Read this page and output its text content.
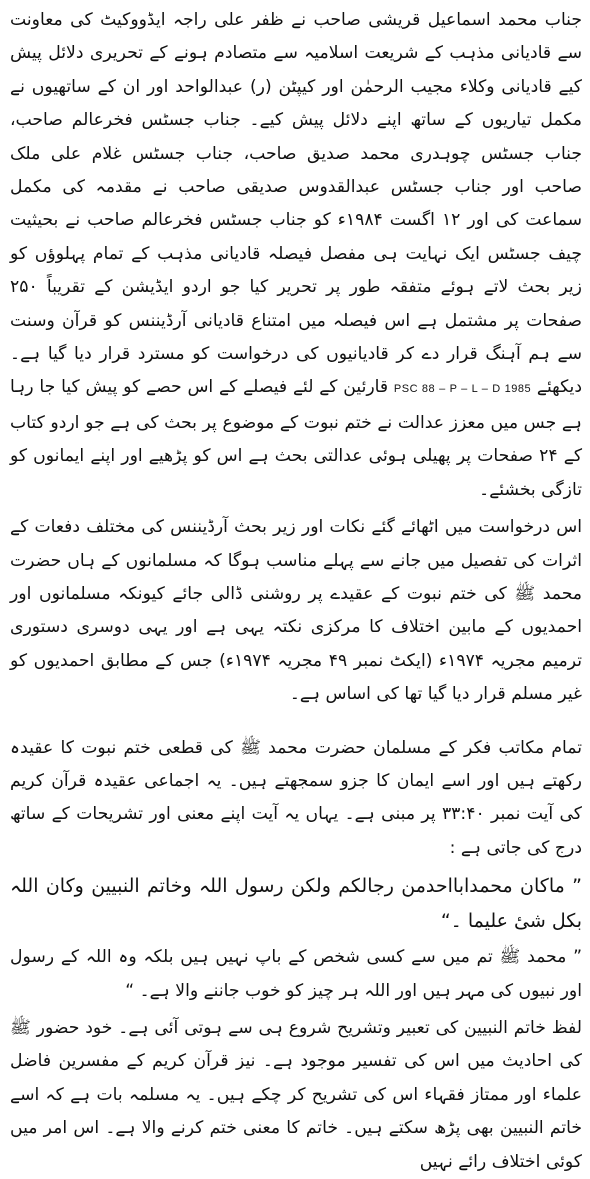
جناب محمد اسماعیل قریشی صاحب نے ظفر علی راجہ ایڈووکیٹ کی معاونت سے قادیانی مذہب کے شریعت اسلامیہ سے متصادم ہونے کے تحریری دلائل پیش کیے قادیانی وکلاء مجیب الرحمٰن اور کیپٹن (ر) عبدالواحد اور ان کے ساتھیوں نے مکمل تیاریوں کے ساتھ اپنے دلائل پیش کیے۔ جناب جسٹس فخرعالم صاحب، جناب جسٹس چوہدری محمد صدیق صاحب، جناب جسٹس غلام علی ملک صاحب اور جناب جسٹس عبدالقدوس صدیقی صاحب نے مقدمہ کی مکمل سماعت کی اور ۱۲ اگست ۱۹۸۴ء کو جناب جسٹس فخرعالم صاحب نے بحیثیت چیف جسٹس ایک نہایت ہی مفصل فیصلہ قادیانی مذہب کے تمام پہلوؤں کو زیر بحث لاتے ہوئے متفقہ طور پر تحریر کیا جو اردو ایڈیشن کے تقریباً ۲۵۰ صفحات پر مشتمل ہے اس فیصلہ میں امتناع قادیانی آرڈیننس کو قرآن وسنت سے ہم آہنگ قرار دے کر قادیانیوں کی درخواست کو مسترد قرار دیا گیا ہے۔ دیکھئے PSC 88 – P – L – D 1985 قارئین کے لئے فیصلے کے اس حصے کو پیش کیا جا رہا ہے جس میں معزز عدالت نے ختم نبوت کے موضوع پر بحث کی ہے جو اردو کتاب کے ۲۴ صفحات پر پھیلی ہوئی عدالتی بحث ہے اس کو پڑھیے اور اپنے ایمانوں کو تازگی بخشئے۔

اس درخواست میں اٹھائے گئے نکات اور زیر بحث آرڈیننس کی مختلف دفعات کے اثرات کی تفصیل میں جانے سے پہلے مناسب ہوگا کہ مسلمانوں کے ہاں حضرت محمد ﷺ کی ختم نبوت کے عقیدے پر روشنی ڈالی جائے کیونکہ مسلمانوں اور احمدیوں کے مابین اختلاف کا مرکزی نکتہ یہی ہے اور یہی دوسری دستوری ترمیم مجریہ ۱۹۷۴ء (ایکٹ نمبر ۴۹ مجریہ ۱۹۷۴ء) جس کے مطابق احمدیوں کو غیر مسلم قرار دیا گیا تھا کی اساس ہے۔

تمام مکاتب فکر کے مسلمان حضرت محمد ﷺ کی قطعی ختم نبوت کا عقیدہ رکھتے ہیں اور اسے ایمان کا جزو سمجھتے ہیں۔ یہ اجماعی عقیدہ قرآن کریم کی آیت نمبر ۳۳:۴۰ پر مبنی ہے۔ یہاں یہ آیت اپنے معنی اور تشریحات کے ساتھ درج کی جاتی ہے :

” ماکان محمدابااحدمن رجالکم ولکن رسول اللہ وخاتم النبیین وکان اللہ بکل شیٔ علیما ۔“

” محمد ﷺ تم میں سے کسی شخص کے باپ نہیں ہیں بلکہ وہ اللہ کے رسول اور نبیوں کی مہر ہیں اور اللہ ہر چیز کو خوب جاننے والا ہے۔ “

لفظ خاتم النبیین کی تعبیر وتشریح شروع ہی سے ہوتی آئی ہے۔ خود حضور ﷺ کی احادیث میں اس کی تفسیر موجود ہے۔ نیز قرآن کریم کے مفسرین فاضل علماء اور ممتاز فقہاء اس کی تشریح کر چکے ہیں۔ یہ مسلمہ بات ہے کہ اسے خاتم النبیین بھی پڑھ سکتے ہیں۔ خاتم کا معنی ختم کرنے والا ہے۔ اس امر میں کوئی اختلاف رائے نہیں
